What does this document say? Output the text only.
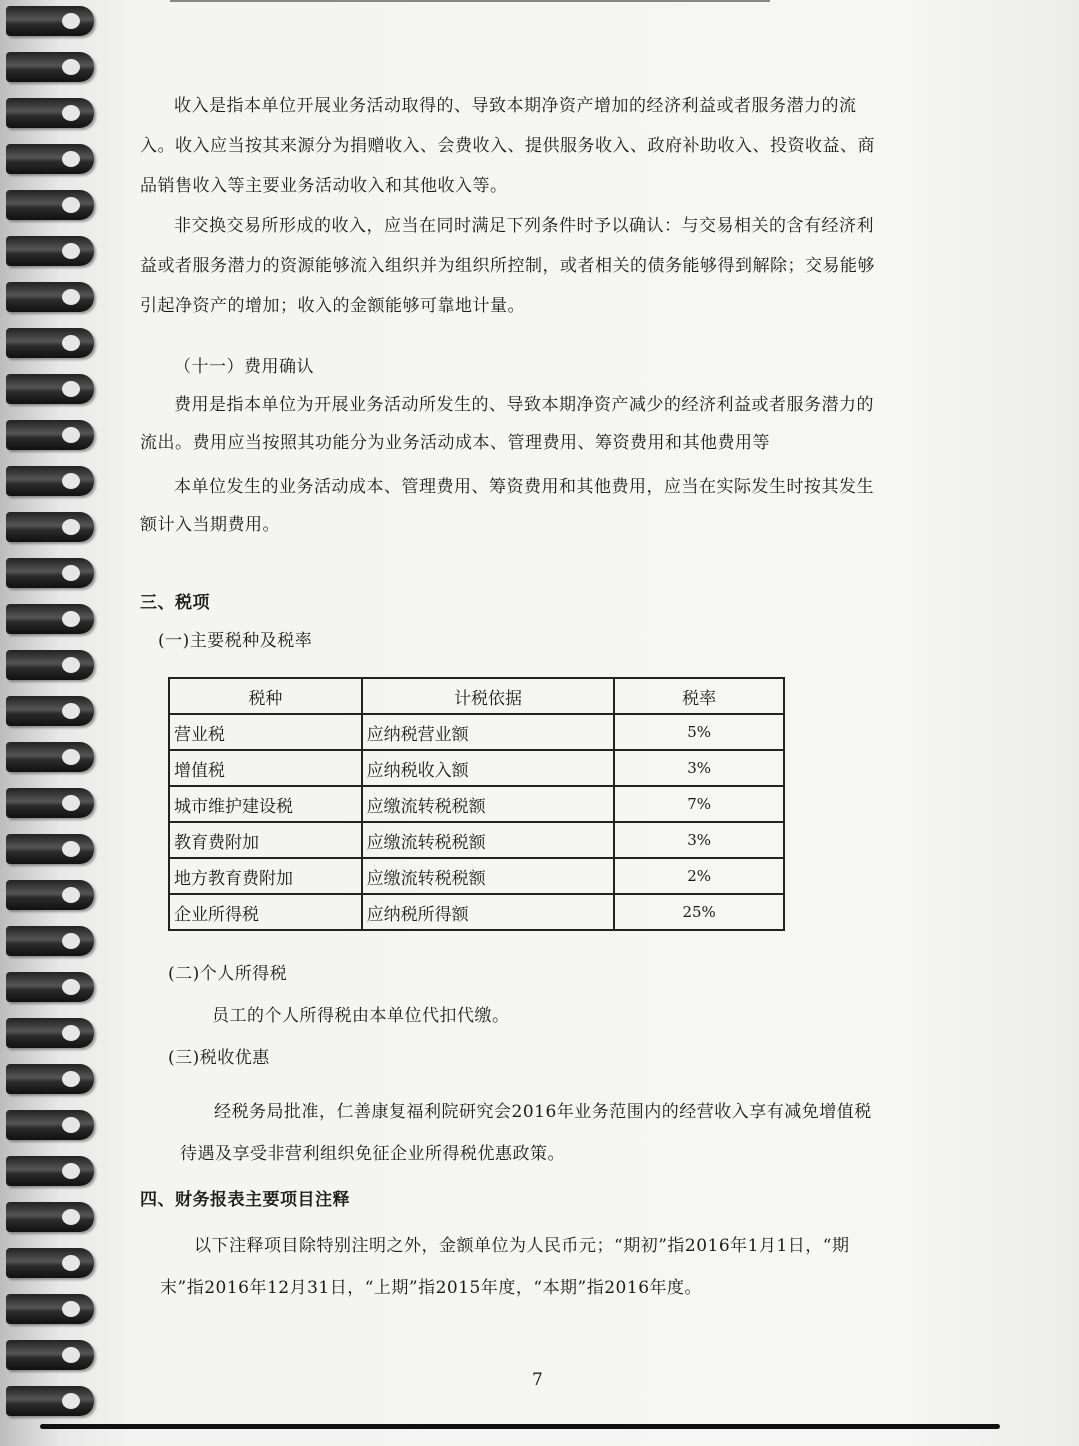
收入是指本单位开展业务活动取得的、导致本期净资产增加的经济利益或者服务潜力的流入。收入应当按其来源分为捐赠收入、会费收入、提供服务收入、政府补助收入、投资收益、商品销售收入等主要业务活动收入和其他收入等。

非交换交易所形成的收入，应当在同时满足下列条件时予以确认：与交易相关的含有经济利益或者服务潜力的资源能够流入组织并为组织所控制，或者相关的债务能够得到解除；交易能够引起净资产的增加；收入的金额能够可靠地计量。

（十一）费用确认

费用是指本单位为开展业务活动所发生的、导致本期净资产减少的经济利益或者服务潜力的流出。费用应当按照其功能分为业务活动成本、管理费用、筹资费用和其他费用等

本单位发生的业务活动成本、管理费用、筹资费用和其他费用，应当在实际发生时按其发生额计入当期费用。

三、税项

(一)主要税种及税率

税种	计税依据	税率
营业税	应纳税营业额	5%
增值税	应纳税收入额	3%
城市维护建设税	应缴流转税税额	7%
教育费附加	应缴流转税税额	3%
地方教育费附加	应缴流转税税额	2%
企业所得税	应纳税所得额	25%

(二)个人所得税

员工的个人所得税由本单位代扣代缴。

(三)税收优惠

经税务局批准，仁善康复福利院研究会2016年业务范围内的经营收入享有减免增值税待遇及享受非营利组织免征企业所得税优惠政策。

四、财务报表主要项目注释

以下注释项目除特别注明之外，金额单位为人民币元；“期初”指2016年1月1日，“期末”指2016年12月31日，“上期”指2015年度，“本期”指2016年度。

7
